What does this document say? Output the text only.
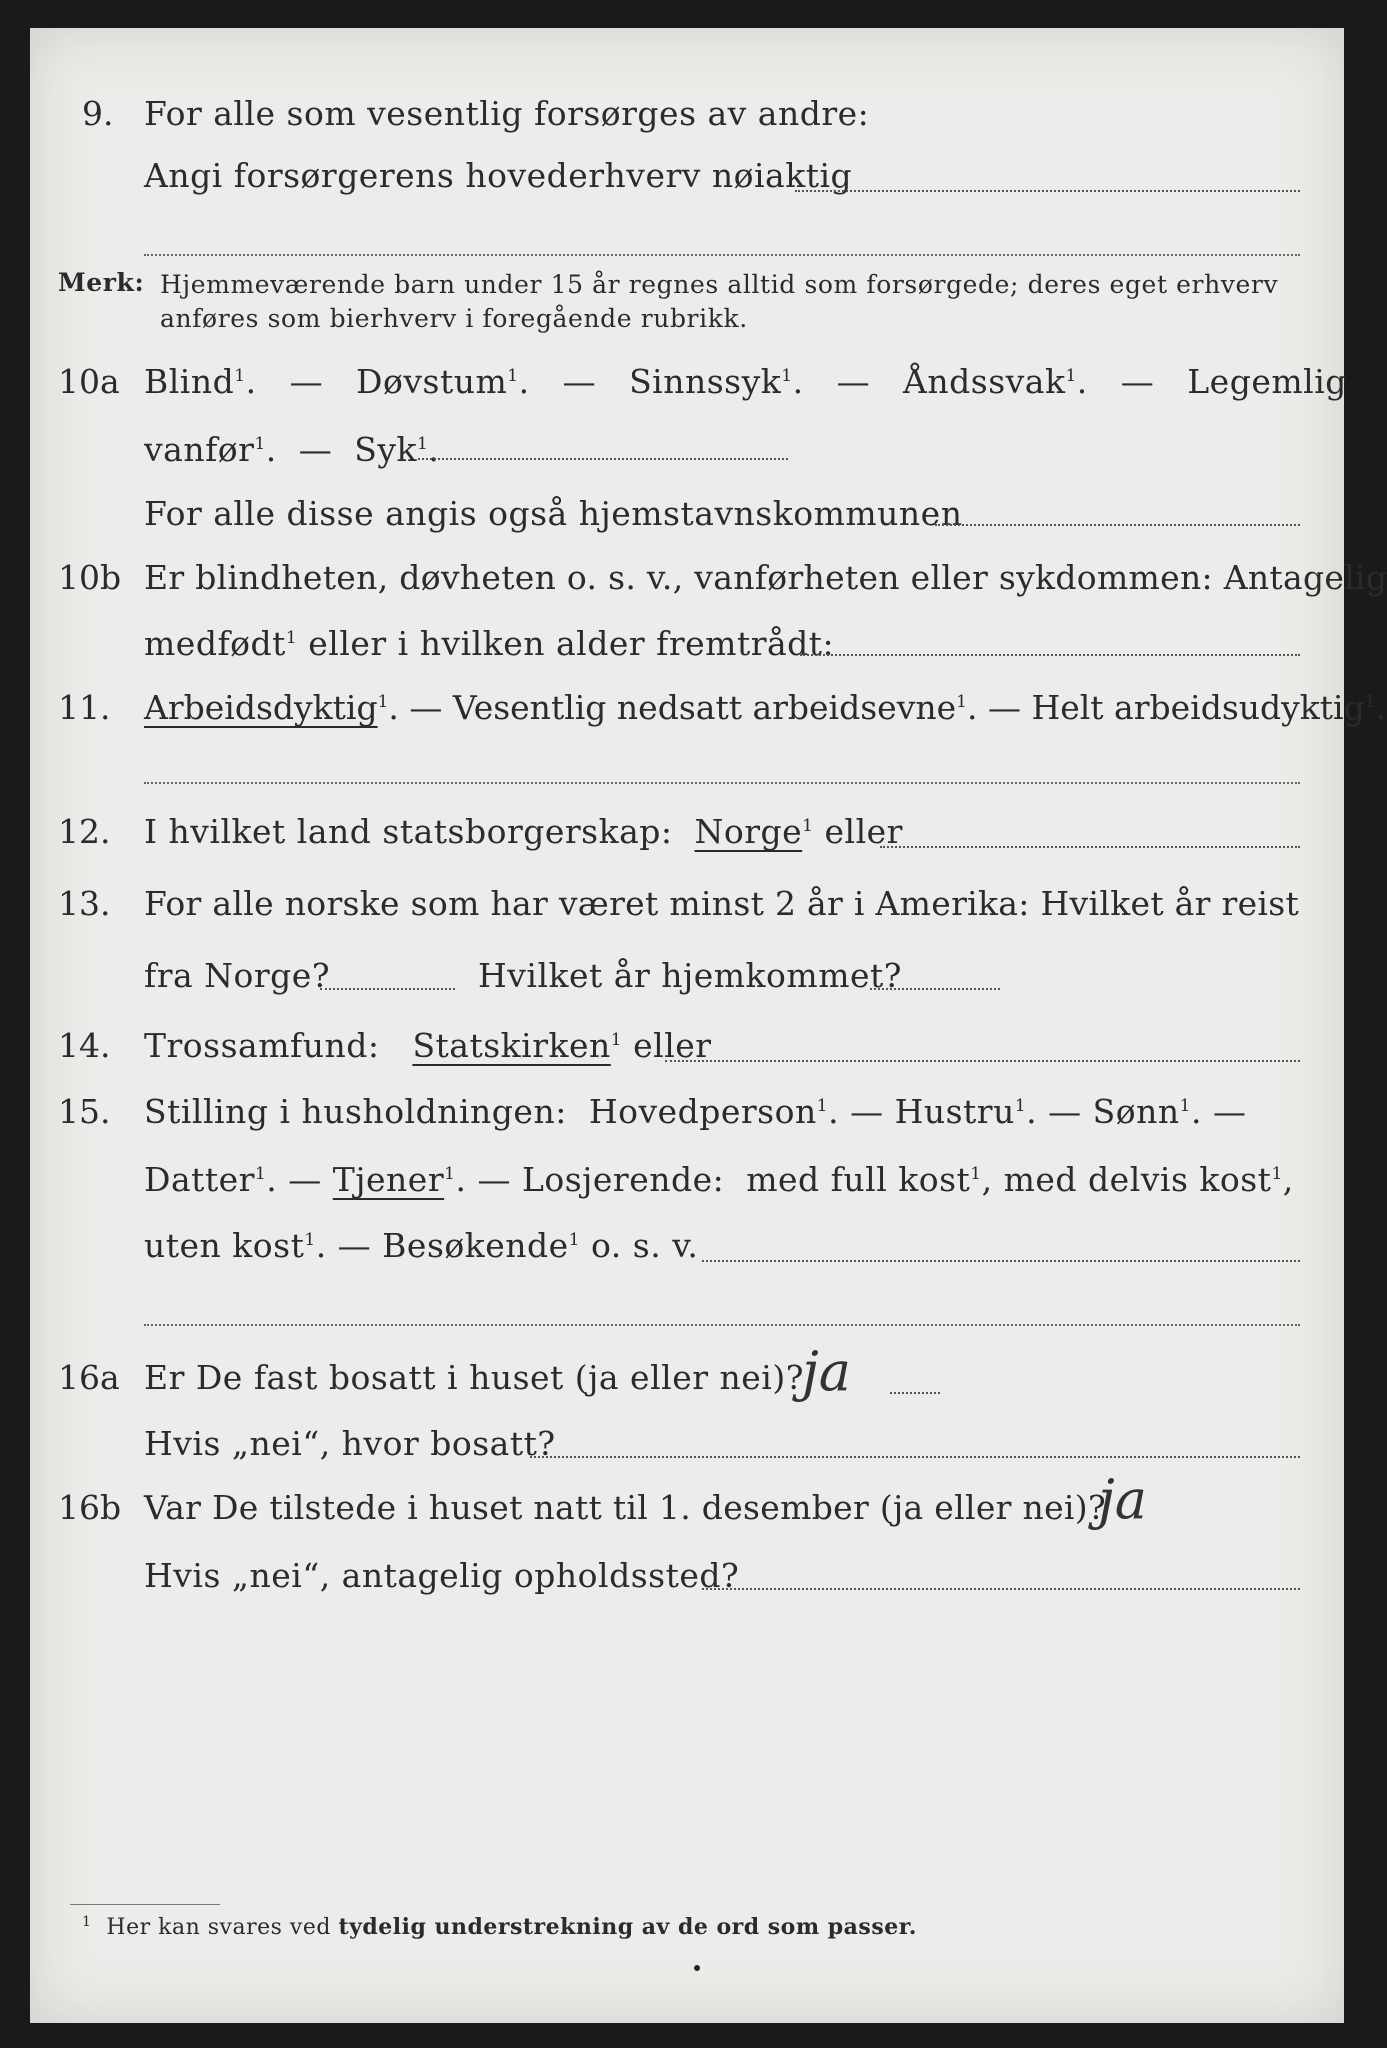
9. For alle som vesentlig forsørges av andre:
Angi forsørgerens hovederhverv nøiaktig
Merk: Hjemmeværende barn under 15 år regnes alltid som forsørgede; deres eget erhverv
anføres som bierhverv i foregående rubrikk.
10a Blind$^1$. — Døvstum$^1$. — Sinnssyk$^1$. — Åndssvak$^1$. — Legemlig
vanfør$^1$. — Syk$^1$.
For alle disse angis også hjemstavnskommunen
10b Er blindheten, døvheten o. s. v., vanførheten eller sykdommen: Antagelig
medfødt$^1$ eller i hvilken alder fremtrådt:
11. Arbeidsdyktig$^1$. — Vesentlig nedsatt arbeidsevne$^1$. — Helt arbeidsudyktig$^1$.
12. I hvilket land statsborgerskap: Norge$^1$ eller
13. For alle norske som har været minst 2 år i Amerika: Hvilket år reist
fra Norge?	Hvilket år hjemkommet?
14. Trossamfund: Statskirken$^1$ eller
15. Stilling i husholdningen: Hovedperson$^1$. — Hustru$^1$. — Sønn$^1$. —
Datter$^1$. — Tjener$^1$. — Losjerende: med full kost$^1$, med delvis kost$^1$,
uten kost$^1$. — Besøkende$^1$ o. s. v.
16a Er De fast bosatt i huset (ja eller nei)?
ja
Hvis „nei“, hvor bosatt?
16b Var De tilstede i huset natt til 1. desember (ja eller nei)?
ja
Hvis „nei“, antagelig opholdssted?
$^1$ Her kan svares ved tydelig understrekning av de ord som passer.
